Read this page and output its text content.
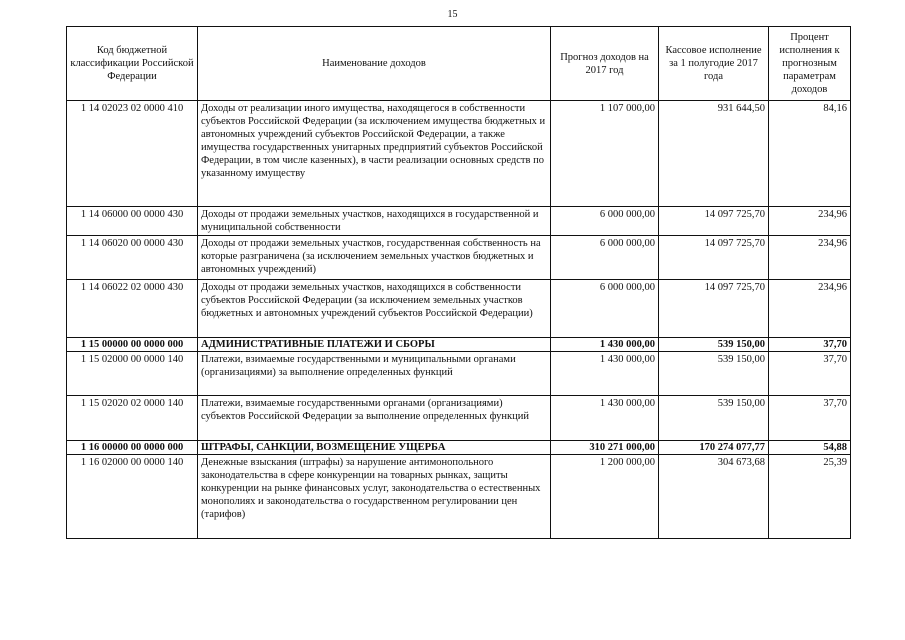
15
Код бюджетной классификации Российской Федерации	Наименование доходов	Прогноз доходов на 2017 год	Кассовое исполнение за 1 полугодие 2017 года	Процент исполнения к прогнозным параметрам доходов
1 14 02023 02 0000 410	Доходы от реализации иного имущества, находящегося в собственности субъектов Российской Федерации (за исключением имущества бюджетных и автономных учреждений субъектов Российской Федерации, а также имущества государственных унитарных предприятий субъектов Российской Федерации, в том числе казенных), в части реализации основных средств по указанному имуществу	1 107 000,00	931 644,50	84,16
1 14 06000 00 0000 430	Доходы от продажи земельных участков, находящихся в государственной и муниципальной собственности	6 000 000,00	14 097 725,70	234,96
1 14 06020 00 0000 430	Доходы от продажи земельных участков, государственная собственность на которые разграничена (за исключением земельных участков бюджетных и автономных учреждений)	6 000 000,00	14 097 725,70	234,96
1 14 06022 02 0000 430	Доходы от продажи земельных участков, находящихся в собственности субъектов Российской Федерации (за исключением земельных участков бюджетных и автономных учреждений субъектов Российской Федерации)	6 000 000,00	14 097 725,70	234,96
1 15 00000 00 0000 000	АДМИНИСТРАТИВНЫЕ ПЛАТЕЖИ И СБОРЫ	1 430 000,00	539 150,00	37,70
1 15 02000 00 0000 140	Платежи, взимаемые государственными и муниципальными органами (организациями) за выполнение определенных функций	1 430 000,00	539 150,00	37,70
1 15 02020 02 0000 140	Платежи, взимаемые государственными органами (организациями) субъектов Российской Федерации за выполнение определенных функций	1 430 000,00	539 150,00	37,70
1 16 00000 00 0000 000	ШТРАФЫ, САНКЦИИ, ВОЗМЕЩЕНИЕ УЩЕРБА	310 271 000,00	170 274 077,77	54,88
1 16 02000 00 0000 140	Денежные взыскания (штрафы) за нарушение антимонопольного законодательства в сфере конкуренции на товарных рынках, защиты конкуренции на рынке финансовых услуг, законодательства о естественных монополиях и законодательства о государственном регулировании цен (тарифов)	1 200 000,00	304 673,68	25,39
